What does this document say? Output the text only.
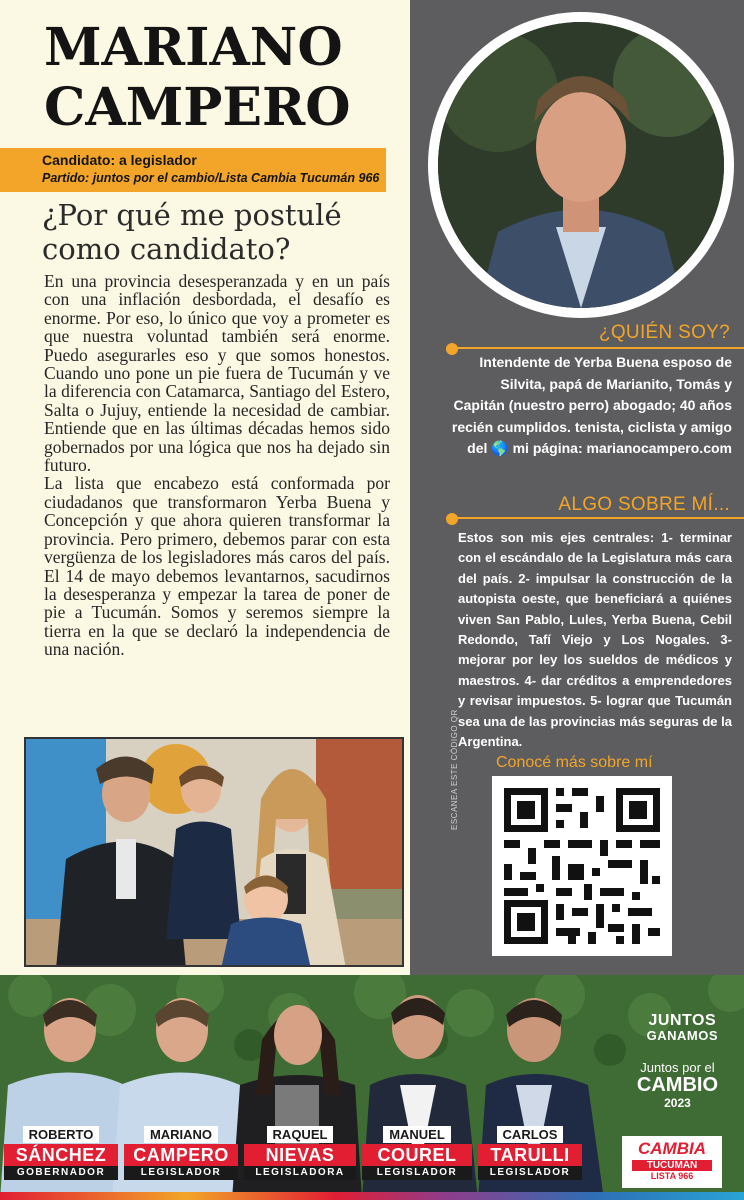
MARIANO
CAMPERO
Candidato: a legislador
Partido: juntos por el cambio/Lista Cambia Tucumán 966
¿Por qué me postulé
como candidato?

En una provincia desesperanzada y en un país con una inflación desbordada, el desafío es enorme. Por eso, lo único que voy a prometer es que nuestra voluntad también será enorme. Puedo asegurarles eso y que somos honestos. Cuando uno pone un pie fuera de Tucumán y ve la diferencia con Catamarca, Santiago del Estero, Salta o Jujuy, entiende la necesidad de cambiar. Entiende que en las últimas décadas hemos sido gobernados por una lógica que nos ha dejado sin futuro.

La lista que encabezo está conformada por ciudadanos que transformaron Yerba Buena y Concepción y que ahora quieren transformar la provincia. Pero primero, debemos parar con esta vergüenza de los legisladores más caros del país. El 14 de mayo debemos levantarnos, sacudirnos la desesperanza y empezar la tarea de poner de pie a Tucumán. Somos y seremos siempre la tierra en la que se declaró la independencia de una nación.

¿QUIÉN SOY?
Intendente de Yerba Buena esposo de Silvita, papá de Marianito, Tomás y Capitán (nuestro perro) abogado; 40 años recién cumplidos. tenista, ciclista y amigo del 🌎 mi página: marianocampero.com
ALGO SOBRE MÍ...
Estos son mis ejes centrales: 1- terminar con el escándalo de la Legislatura más cara del país. 2- impulsar la construcción de la autopista oeste, que beneficiará a quiénes viven San Pablo, Lules, Yerba Buena, Cebil Redondo, Tafí Viejo y Los Nogales. 3- mejorar por ley los sueldos de médicos y maestros. 4- dar créditos a emprendedores y revisar impuestos. 5- lograr que Tucumán sea una de las provincias más seguras de la Argentina.
Conocé más sobre mí
ESCANEA ESTE CÓDIGO QR
ROBERTO
SÁNCHEZ
GOBERNADOR
MARIANO
CAMPERO
LEGISLADOR
RAQUEL
NIEVAS
LEGISLADORA
MANUEL
COUREL
LEGISLADOR
CARLOS
TARULLI
LEGISLADOR
JUNTOS
GANAMOS
Juntos por el
CAMBIO
2023
CAMBIA
TUCUMÁN
LISTA 966
